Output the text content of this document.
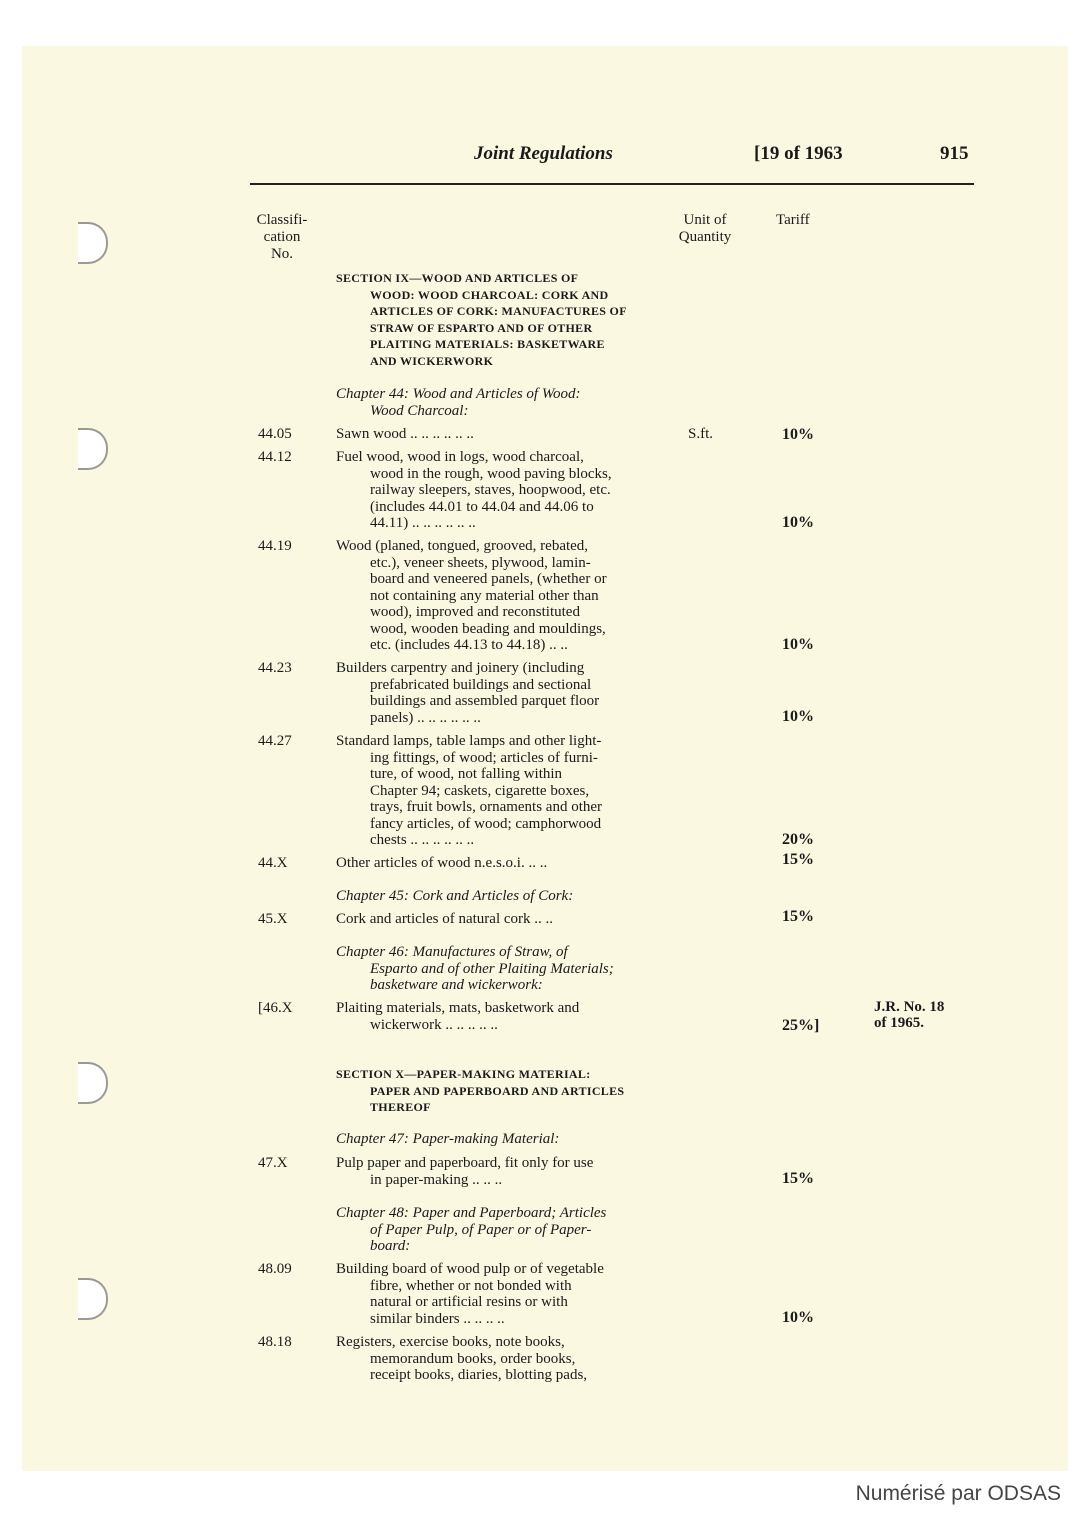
Joint Regulations	[19 of 1963	915
Classifi-
cation
No.
Unit of
Quantity
Tariff
SECTION IX—WOOD AND ARTICLES OF
WOOD: WOOD CHARCOAL: CORK AND
ARTICLES OF CORK: MANUFACTURES OF
STRAW OF ESPARTO AND OF OTHER
PLAITING MATERIALS: BASKETWARE
AND WICKERWORK
Chapter 44: Wood and Articles of Wood:
Wood Charcoal:
44.05	Sawn wood .. .. .. .. .. ..	S.ft.	10%
44.12	Fuel wood, wood in logs, wood charcoal,
wood in the rough, wood paving blocks,
railway sleepers, staves, hoopwood, etc.
(includes 44.01 to 44.04 and 44.06 to
44.11) .. .. .. .. .. ..	10%
44.19	Wood (planed, tongued, grooved, rebated,
etc.), veneer sheets, plywood, lamin-
board and veneered panels, (whether or
not containing any material other than
wood), improved and reconstituted
wood, wooden beading and mouldings,
etc. (includes 44.13 to 44.18) .. ..	10%
44.23	Builders carpentry and joinery (including
prefabricated buildings and sectional
buildings and assembled parquet floor
panels) .. .. .. .. .. ..	10%
44.27	Standard lamps, table lamps and other light-
ing fittings, of wood; articles of furni-
ture, of wood, not falling within
Chapter 94; caskets, cigarette boxes,
trays, fruit bowls, ornaments and other
fancy articles, of wood; camphorwood
chests .. .. .. .. .. ..	20%
44.X	Other articles of wood n.e.s.o.i. .. ..	15%
Chapter 45: Cork and Articles of Cork:
45.X	Cork and articles of natural cork .. ..	15%
Chapter 46: Manufactures of Straw, of
Esparto and of other Plaiting Materials;
basketware and wickerwork:
[46.X	Plaiting materials, mats, basketwork and
wickerwork .. .. .. .. ..	25%]
J.R. No. 18
of 1965.
SECTION X—PAPER-MAKING MATERIAL:
PAPER AND PAPERBOARD AND ARTICLES
THEREOF
Chapter 47: Paper-making Material:
47.X	Pulp paper and paperboard, fit only for use
in paper-making .. .. ..	15%
Chapter 48: Paper and Paperboard; Articles
of Paper Pulp, of Paper or of Paper-
board:
48.09	Building board of wood pulp or of vegetable
fibre, whether or not bonded with
natural or artificial resins or with
similar binders .. .. .. ..	10%
48.18	Registers, exercise books, note books,
memorandum books, order books,
receipt books, diaries, blotting pads,
Numérisé par ODSAS
